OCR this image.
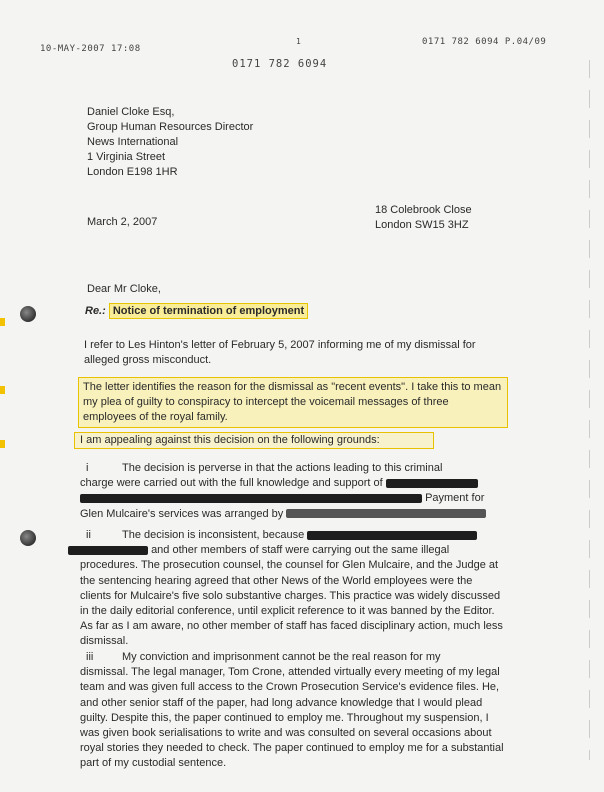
10-MAY-2007 17:08
0171 782 6094 P.04/09
1
0171 782 6094
Daniel Cloke Esq,
Group Human Resources Director
News International
1 Virginia Street
London E198 1HR
March 2, 2007
18 Colebrook Close
London SW15 3HZ
Dear Mr Cloke,
Re.: Notice of termination of employment
I refer to Les Hinton's letter of February 5, 2007 informing me of my dismissal for alleged gross misconduct.
The letter identifies the reason for the dismissal as "recent events". I take this to mean my plea of guilty to conspiracy to intercept the voicemail messages of three employees of the royal family.
I am appealing against this decision on the following grounds:
i	The decision is perverse in that the actions leading to this criminal
charge were carried out with the full knowledge and support of
Payment for
Glen Mulcaire's services was arranged by
ii	The decision is inconsistent, because
and other members of staff were carrying out the same illegal
procedures. The prosecution counsel, the counsel for Glen Mulcaire, and the Judge at the sentencing hearing agreed that other News of the World employees were the clients for Mulcaire's five solo substantive charges. This practice was widely discussed in the daily editorial conference, until explicit reference to it was banned by the Editor. As far as I am aware, no other member of staff has faced disciplinary action, much less dismissal.
iii	My conviction and imprisonment cannot be the real reason for my
dismissal. The legal manager, Tom Crone, attended virtually every meeting of my legal team and was given full access to the Crown Prosecution Service's evidence files. He, and other senior staff of the paper, had long advance knowledge that I would plead guilty. Despite this, the paper continued to employ me. Throughout my suspension, I was given book serialisations to write and was consulted on several occasions about royal stories they needed to check. The paper continued to employ me for a substantial part of my custodial sentence.
